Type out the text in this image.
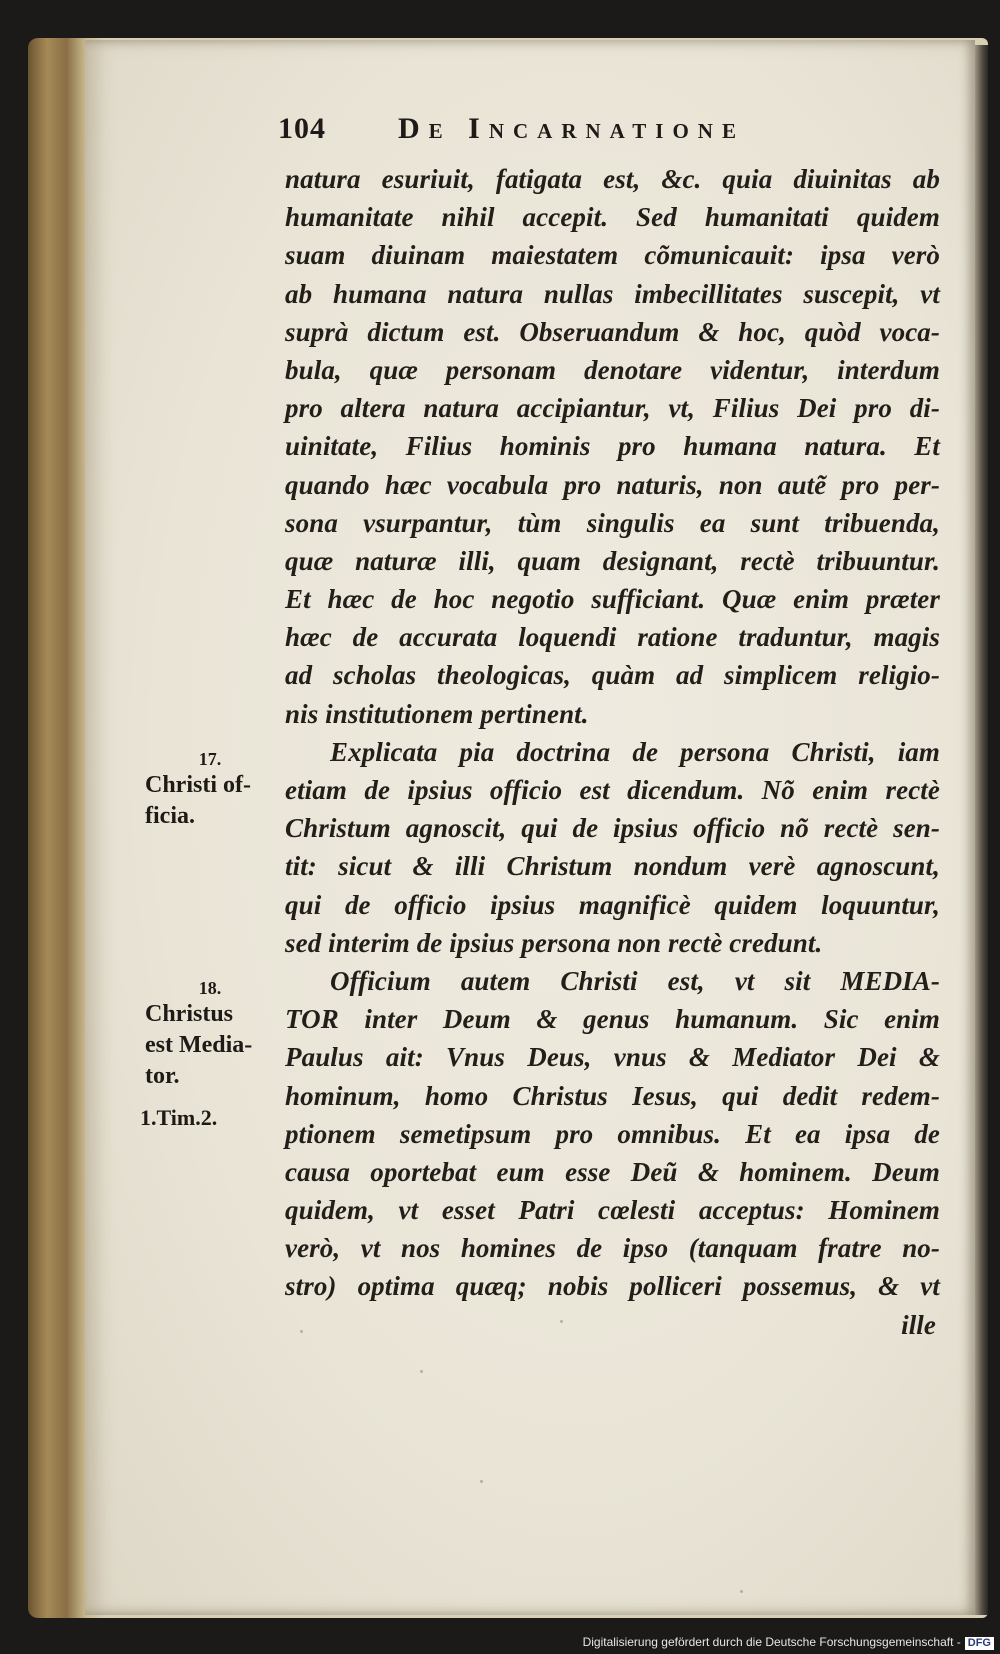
104 De Incarnatione
natura esuriuit, fatigata est, &c. quia diuinitas ab
humanitate nihil accepit. Sed humanitati quidem
suam diuinam maiestatem cõmunicauit: ipsa verò
ab humana natura nullas imbecillitates suscepit, vt
suprà dictum est. Obseruandum & hoc, quòd voca-
bula, quæ personam denotare videntur, interdum
pro altera natura accipiantur, vt, Filius Dei pro di-
uinitate, Filius hominis pro humana natura. Et
quando hæc vocabula pro naturis, non autẽ pro per-
sona vsurpantur, tùm singulis ea sunt tribuenda,
quæ naturæ illi, quam designant, rectè tribuuntur.
Et hæc de hoc negotio sufficiant. Quæ enim præter
hæc de accurata loquendi ratione traduntur, magis
ad scholas theologicas, quàm ad simplicem religio-
nis institutionem pertinent.
Explicata pia doctrina de persona Christi, iam
etiam de ipsius officio est dicendum. Nõ enim rectè
Christum agnoscit, qui de ipsius officio nõ rectè sen-
tit: sicut & illi Christum nondum verè agnoscunt,
qui de officio ipsius magnificè quidem loquuntur,
sed interim de ipsius persona non rectè credunt.
Officium autem Christi est, vt sit MEDIA-
TOR inter Deum & genus humanum. Sic enim
Paulus ait: Vnus Deus, vnus & Mediator Dei &
hominum, homo Christus Iesus, qui dedit redem-
ptionem semetipsum pro omnibus. Et ea ipsa de
causa oportebat eum esse Deũ & hominem. Deum
quidem, vt esset Patri cœlesti acceptus: Hominem
verò, vt nos homines de ipso (tanquam fratre no-
stro) optima quæq; nobis polliceri possemus, & vt
ille
17.
Christi of-
ficia.
18.
Christus
est Media-
tor.
1.Tim.2.
Digitalisierung gefördert durch die Deutsche Forschungsgemeinschaft - DFG
